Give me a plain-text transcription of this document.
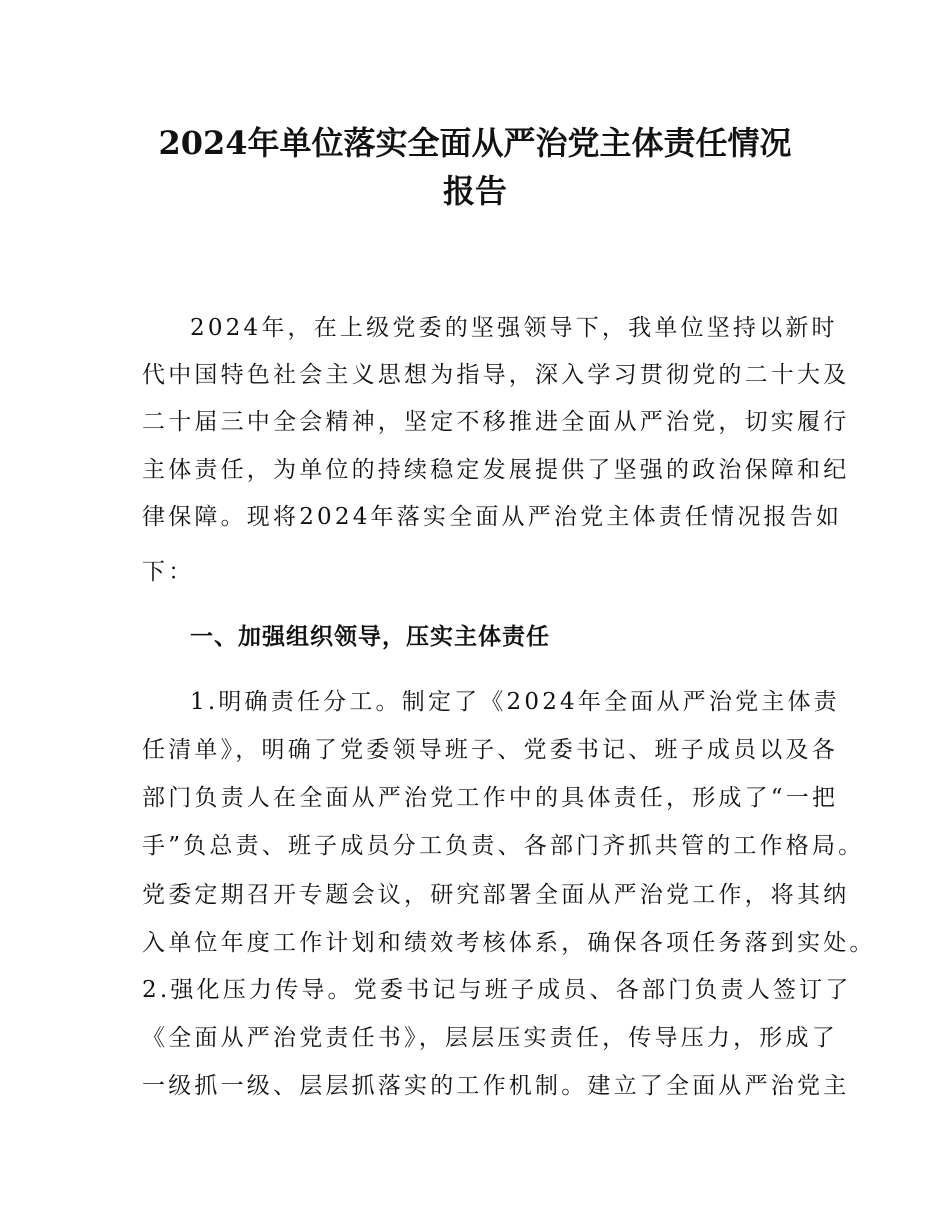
2024年单位落实全面从严治党主体责任情况
报告
2024年，在上级党委的坚强领导下，我单位坚持以新时
代中国特色社会主义思想为指导，深入学习贯彻党的二十大及
二十届三中全会精神，坚定不移推进全面从严治党，切实履行
主体责任，为单位的持续稳定发展提供了坚强的政治保障和纪
律保障。现将2024年落实全面从严治党主体责任情况报告如
下：
一、加强组织领导，压实主体责任
1.明确责任分工。制定了《2024年全面从严治党主体责
任清单》，明确了党委领导班子、党委书记、班子成员以及各
部门负责人在全面从严治党工作中的具体责任，形成了“一把
手”负总责、班子成员分工负责、各部门齐抓共管的工作格局。
党委定期召开专题会议，研究部署全面从严治党工作，将其纳
入单位年度工作计划和绩效考核体系，确保各项任务落到实处。
2.强化压力传导。党委书记与班子成员、各部门负责人签订了
《全面从严治党责任书》，层层压实责任，传导压力，形成了
一级抓一级、层层抓落实的工作机制。建立了全面从严治党主
